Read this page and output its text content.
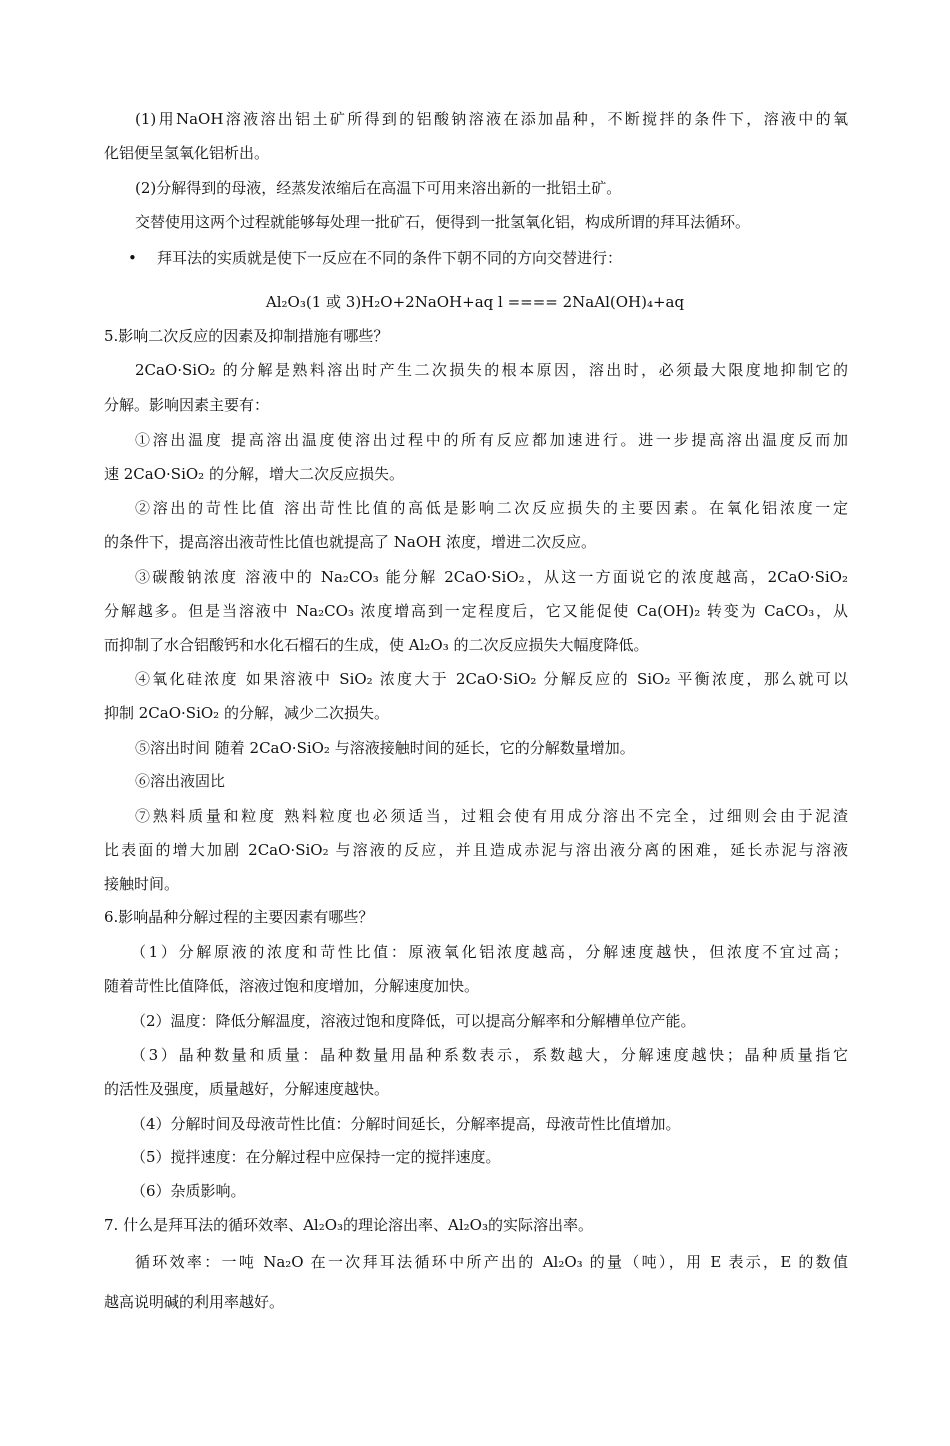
(1)用NaOH溶液溶出铝土矿所得到的铝酸钠溶液在添加晶种，不断搅拌的条件下，溶液中的氧
化铝便呈氢氧化铝析出。
(2)分解得到的母液，经蒸发浓缩后在高温下可用来溶出新的一批铝土矿。
交替使用这两个过程就能够每处理一批矿石，便得到一批氢氧化铝，构成所谓的拜耳法循环。
• 拜耳法的实质就是使下一反应在不同的条件下朝不同的方向交替进行：
Al₂O₃(1 或 3)H₂O+2NaOH+aq l ==== 2NaAl(OH)₄+aq
5.影响二次反应的因素及抑制措施有哪些？
2CaO·SiO₂ 的分解是熟料溶出时产生二次损失的根本原因，溶出时，必须最大限度地抑制它的
分解。影响因素主要有：
①溶出温度 提高溶出温度使溶出过程中的所有反应都加速进行。进一步提高溶出温度反而加
速 2CaO·SiO₂ 的分解，增大二次反应损失。
②溶出的苛性比值 溶出苛性比值的高低是影响二次反应损失的主要因素。在氧化铝浓度一定
的条件下，提高溶出液苛性比值也就提高了 NaOH 浓度，增进二次反应。
③碳酸钠浓度 溶液中的 Na₂CO₃ 能分解 2CaO·SiO₂，从这一方面说它的浓度越高，2CaO·SiO₂
分解越多。但是当溶液中 Na₂CO₃ 浓度增高到一定程度后，它又能促使 Ca(OH)₂ 转变为 CaCO₃，从
而抑制了水合铝酸钙和水化石榴石的生成，使 Al₂O₃ 的二次反应损失大幅度降低。
④氧化硅浓度 如果溶液中 SiO₂ 浓度大于 2CaO·SiO₂ 分解反应的 SiO₂ 平衡浓度，那么就可以
抑制 2CaO·SiO₂ 的分解，减少二次损失。
⑤溶出时间 随着 2CaO·SiO₂ 与溶液接触时间的延长，它的分解数量增加。
⑥溶出液固比
⑦熟料质量和粒度 熟料粒度也必须适当，过粗会使有用成分溶出不完全，过细则会由于泥渣
比表面的增大加剧 2CaO·SiO₂ 与溶液的反应，并且造成赤泥与溶出液分离的困难，延长赤泥与溶液
接触时间。
6.影响晶种分解过程的主要因素有哪些？
（1）分解原液的浓度和苛性比值：原液氧化铝浓度越高，分解速度越快，但浓度不宜过高；
随着苛性比值降低，溶液过饱和度增加，分解速度加快。
（2）温度：降低分解温度，溶液过饱和度降低，可以提高分解率和分解槽单位产能。
（3）晶种数量和质量：晶种数量用晶种系数表示，系数越大，分解速度越快；晶种质量指它
的活性及强度，质量越好，分解速度越快。
（4）分解时间及母液苛性比值：分解时间延长，分解率提高，母液苛性比值增加。
（5）搅拌速度：在分解过程中应保持一定的搅拌速度。
（6）杂质影响。
7. 什么是拜耳法的循环效率、Al₂O₃的理论溶出率、Al₂O₃的实际溶出率。
循环效率：一吨 Na₂O 在一次拜耳法循环中所产出的 Al₂O₃ 的量（吨），用 E 表示，E 的数值
越高说明碱的利用率越好。
